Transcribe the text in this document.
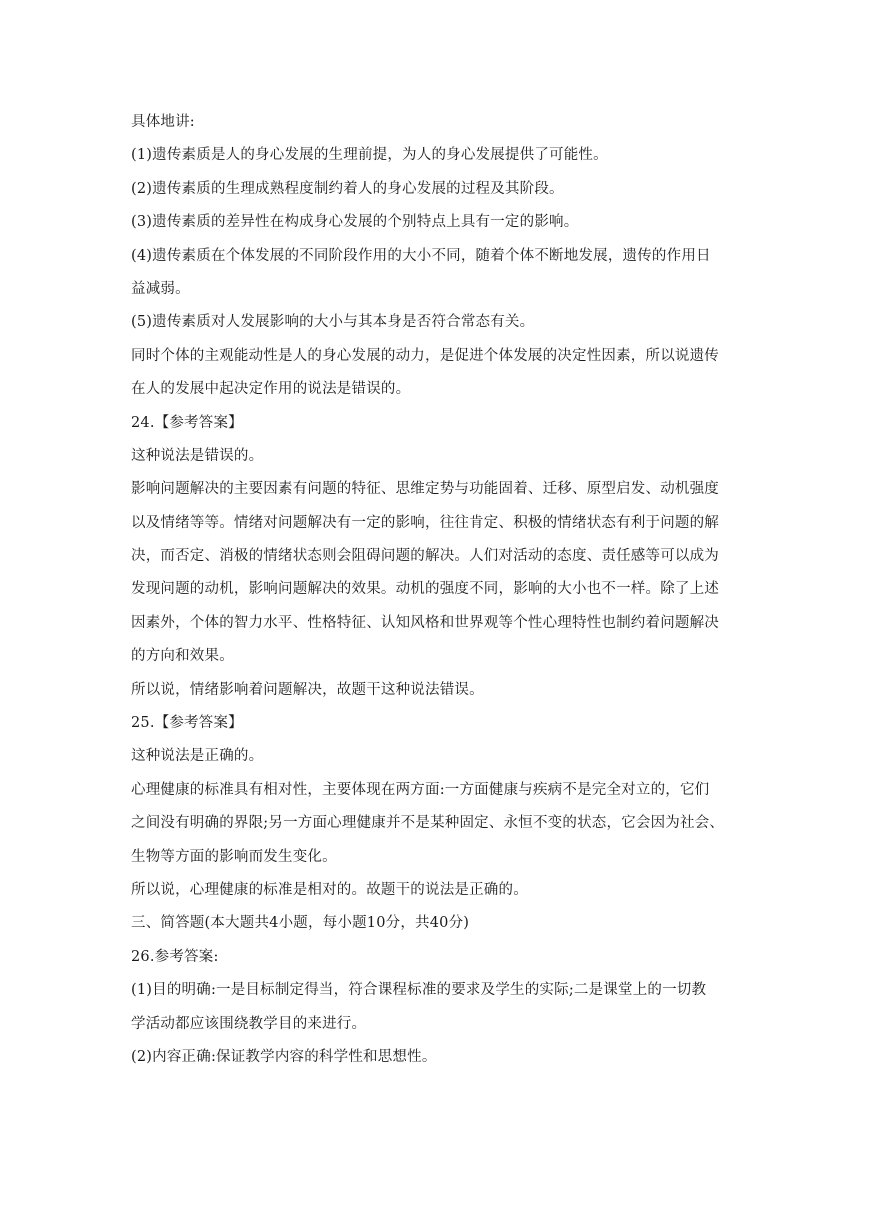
具体地讲:
(1)遗传素质是人的身心发展的生理前提，为人的身心发展提供了可能性。
(2)遗传素质的生理成熟程度制约着人的身心发展的过程及其阶段。
(3)遗传素质的差异性在构成身心发展的个别特点上具有一定的影响。
(4)遗传素质在个体发展的不同阶段作用的大小不同，随着个体不断地发展，遗传的作用日
益减弱。
(5)遗传素质对人发展影响的大小与其本身是否符合常态有关。
同时个体的主观能动性是人的身心发展的动力，是促进个体发展的决定性因素，所以说遗传
在人的发展中起决定作用的说法是错误的。
24.【参考答案】
这种说法是错误的。
影响问题解决的主要因素有问题的特征、思维定势与功能固着、迁移、原型启发、动机强度
以及情绪等等。情绪对问题解决有一定的影响，往往肯定、积极的情绪状态有利于问题的解
决，而否定、消极的情绪状态则会阻碍问题的解决。人们对活动的态度、责任感等可以成为
发现问题的动机，影响问题解决的效果。动机的强度不同，影响的大小也不一样。除了上述
因素外，个体的智力水平、性格特征、认知风格和世界观等个性心理特性也制约着问题解决
的方向和效果。
所以说，情绪影响着问题解决，故题干这种说法错误。
25.【参考答案】
这种说法是正确的。
心理健康的标准具有相对性，主要体现在两方面:一方面健康与疾病不是完全对立的，它们
之间没有明确的界限;另一方面心理健康并不是某种固定、永恒不变的状态，它会因为社会、
生物等方面的影响而发生变化。
所以说，心理健康的标准是相对的。故题干的说法是正确的。
三、简答题(本大题共4小题，每小题10分，共40分)
26.参考答案:
(1)目的明确:一是目标制定得当，符合课程标准的要求及学生的实际;二是课堂上的一切教
学活动都应该围绕教学目的来进行。
(2)内容正确:保证教学内容的科学性和思想性。
